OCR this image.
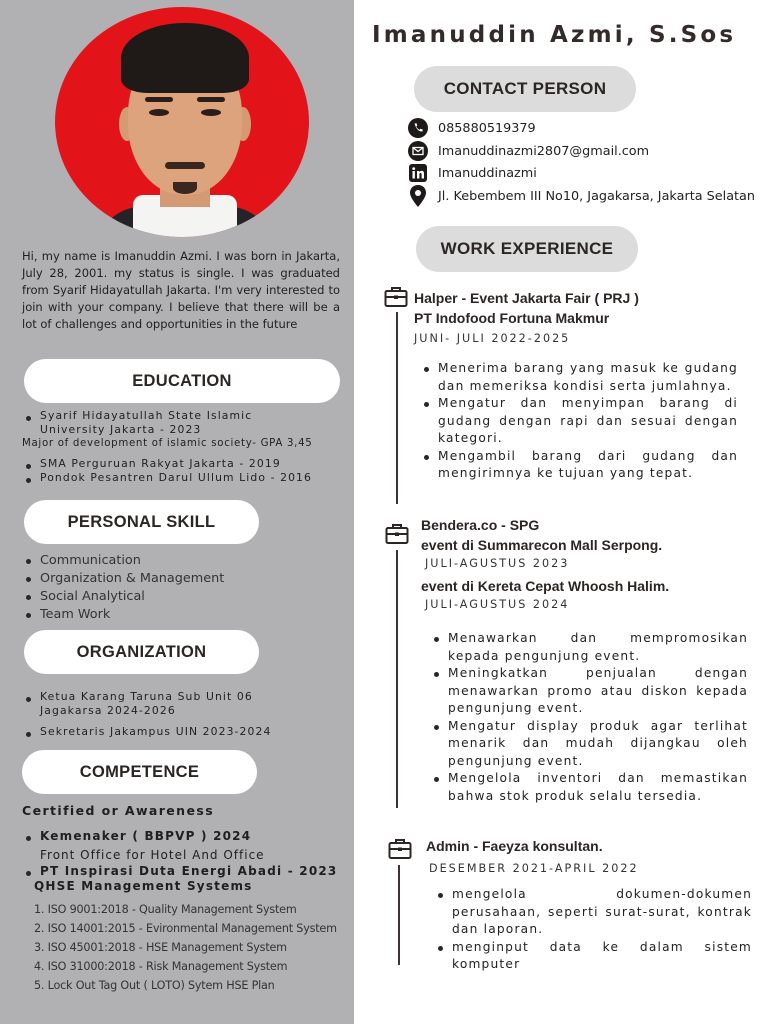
Hi, my name is Imanuddin Azmi. I was born in Jakarta, July 28, 2001. my status is single. I was graduated from Syarif Hidayatullah Jakarta. I'm very interested to join with your company. I believe that there will be a lot of challenges and opportunities in the future
EDUCATION
Syarif Hidayatullah State Islamic
University Jakarta - 2023
Major of development of islamic society- GPA 3,45
SMA Perguruan Rakyat Jakarta - 2019
Pondok Pesantren Darul Ullum Lido - 2016
PERSONAL SKILL
Communication
Organization & Management
Social Analytical
Team Work
ORGANIZATION
Ketua Karang Taruna Sub Unit 06
Jagakarsa 2024-2026
Sekretaris Jakampus UIN 2023-2024
COMPETENCE
Certified or Awareness
Kemenaker ( BBPVP ) 2024
Front Office for Hotel And Office
PT Inspirasi Duta Energi Abadi - 2023
QHSE Management Systems
1. ISO 9001:2018 - Quality Management System
2. ISO 14001:2015 - Evironmental Management System
3. ISO 45001:2018 - HSE Management System
4. ISO 31000:2018 - Risk Management System
5. Lock Out Tag Out ( LOTO) Sytem HSE Plan
Imanuddin Azmi, S.Sos
CONTACT PERSON
085880519379
Imanuddinazmi2807@gmail.com
Imanuddinazmi
Jl. Kebembem III No10, Jagakarsa, Jakarta Selatan
WORK EXPERIENCE
Halper - Event Jakarta Fair ( PRJ )
PT Indofood Fortuna Makmur
JUNI- JULI 2022-2025
Menerima barang yang masuk ke gudang dan memeriksa kondisi serta jumlahnya.
Mengatur dan menyimpan barang di gudang dengan rapi dan sesuai dengan kategori.
Mengambil barang dari gudang dan mengirimnya ke tujuan yang tepat.
Bendera.co - SPG
event di Summarecon Mall Serpong.
JULI-AGUSTUS 2023
event di Kereta Cepat Whoosh Halim.
JULI-AGUSTUS 2024
Menawarkan dan mempromosikan kepada pengunjung event.
Meningkatkan penjualan dengan menawarkan promo atau diskon kepada pengunjung event.
Mengatur display produk agar terlihat menarik dan mudah dijangkau oleh pengunjung event.
Mengelola inventori dan memastikan bahwa stok produk selalu tersedia.
Admin - Faeyza konsultan.
DESEMBER 2021-APRIL 2022
mengelola dokumen-dokumen perusahaan, seperti surat-surat, kontrak dan laporan.
menginput data ke dalam sistem komputer
